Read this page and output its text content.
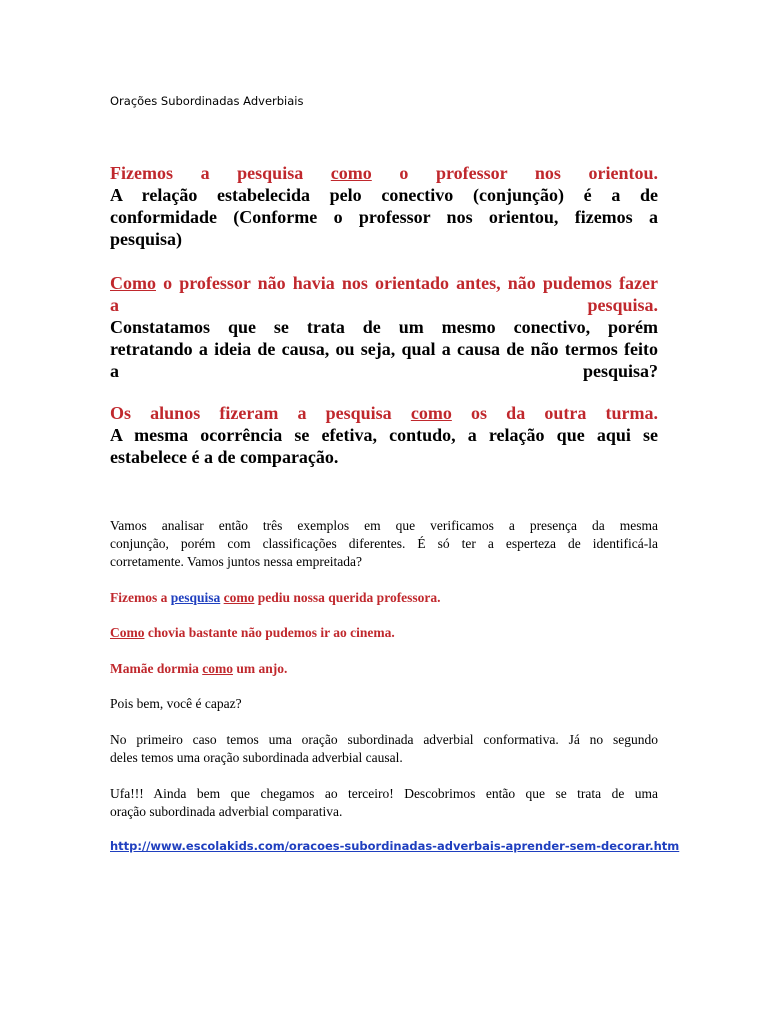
Orações Subordinadas Adverbiais
Fizemos a pesquisa como o professor nos orientou.
A relação estabelecida pelo conectivo (conjunção) é a de
conformidade (Conforme o professor nos orientou, fizemos a
pesquisa)
Como o professor não havia nos orientado antes, não pudemos fazer
a	pesquisa.
Constatamos que se trata de um mesmo conectivo, porém
retratando a ideia de causa, ou seja, qual a causa de não termos feito
a	pesquisa?
Os alunos fizeram a pesquisa como os da outra turma.
A mesma ocorrência se efetiva, contudo, a relação que aqui se
estabelece é a de comparação.
Vamos analisar então três exemplos em que verificamos a presença da mesma
conjunção, porém com classificações diferentes. É só ter a esperteza de identificá-la
corretamente. Vamos juntos nessa empreitada?
Fizemos a pesquisa como pediu nossa querida professora.
Como chovia bastante não pudemos ir ao cinema.
Mamãe dormia como um anjo.
Pois bem, você é capaz?
No primeiro caso temos uma oração subordinada adverbial conformativa. Já no segundo
deles temos uma oração subordinada adverbial causal.
Ufa!!! Ainda bem que chegamos ao terceiro! Descobrimos então que se trata de uma
oração subordinada adverbial comparativa.
http://www.escolakids.com/oracoes-subordinadas-adverbais-aprender-sem-decorar.htm
